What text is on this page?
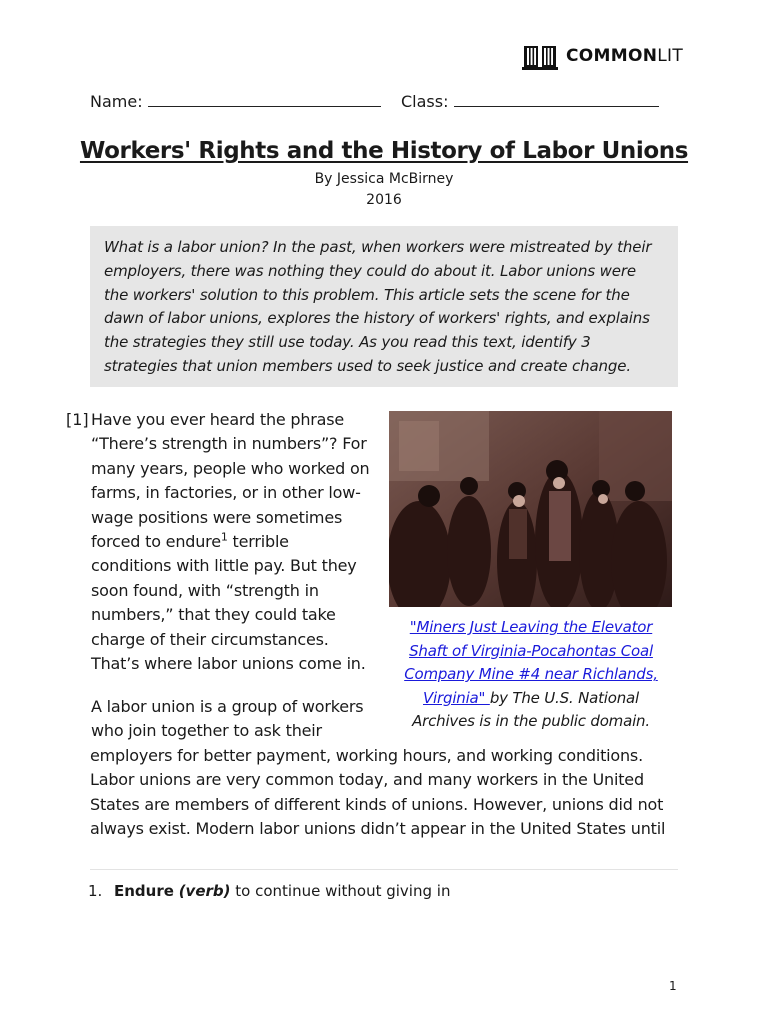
COMMONLIT
Name:	Class:
Workers' Rights and the History of Labor Unions
By Jessica McBirney
2016
What is a labor union? In the past, when workers were mistreated by their employers, there was nothing they could do about it. Labor unions were the workers' solution to this problem. This article sets the scene for the dawn of labor unions, explores the history of workers' rights, and explains the strategies they still use today. As you read this text, identify 3 strategies that union members used to seek justice and create change.
[1] Have you ever heard the phrase
“There’s strength in numbers”? For
many years, people who worked on
farms, in factories, or in other low-
wage positions were sometimes
forced to endure$^1$ terrible
conditions with little pay. But they
soon found, with “strength in
numbers,” that they could take
charge of their circumstances.
That’s where labor unions come in.
A labor union is a group of workers
who join together to ask their
employers for better payment, working hours, and working conditions.
Labor unions are very common today, and many workers in the United
States are members of different kinds of unions. However, unions did not
always exist. Modern labor unions didn’t appear in the United States until
"Miners Just Leaving the Elevator Shaft of Virginia-Pocahontas Coal Company Mine #4 near Richlands, Virginia" by The U.S. National Archives is in the public domain.
1. Endure (verb) to continue without giving in
1
